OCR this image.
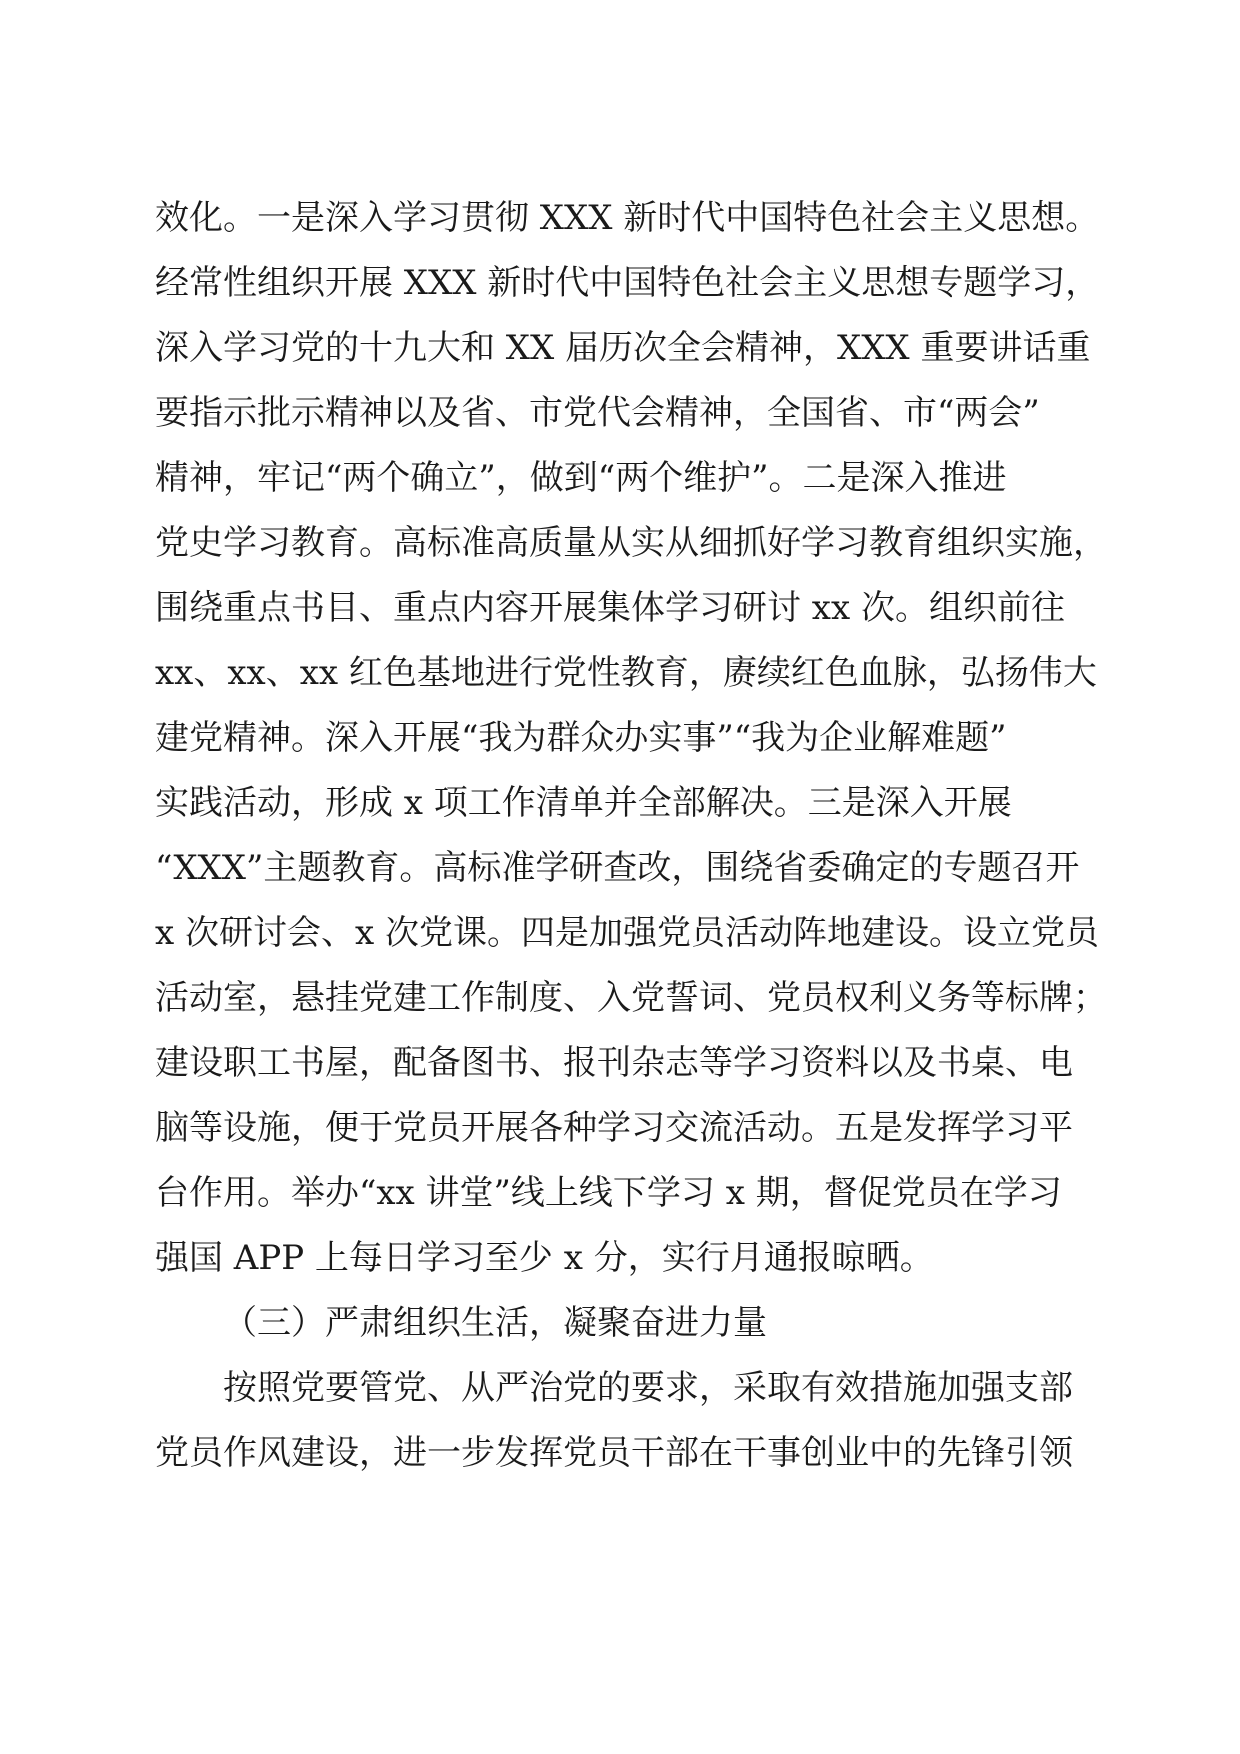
效化。一是深入学习贯彻 XXX 新时代中国特色社会主义思想。
经常性组织开展 XXX 新时代中国特色社会主义思想专题学习，
深入学习党的十九大和 XX 届历次全会精神，XXX 重要讲话重
要指示批示精神以及省、市党代会精神，全国省、市“两会”
精神，牢记“两个确立”，做到“两个维护”。二是深入推进
党史学习教育。高标准高质量从实从细抓好学习教育组织实施，
围绕重点书目、重点内容开展集体学习研讨 xx 次。组织前往
xx、xx、xx 红色基地进行党性教育，赓续红色血脉，弘扬伟大
建党精神。深入开展“我为群众办实事”“我为企业解难题”
实践活动，形成 x 项工作清单并全部解决。三是深入开展
“XXX”主题教育。高标准学研查改，围绕省委确定的专题召开
x 次研讨会、x 次党课。四是加强党员活动阵地建设。设立党员
活动室，悬挂党建工作制度、入党誓词、党员权利义务等标牌；
建设职工书屋，配备图书、报刊杂志等学习资料以及书桌、电
脑等设施，便于党员开展各种学习交流活动。五是发挥学习平
台作用。举办“xx 讲堂”线上线下学习 x 期，督促党员在学习
强国 APP 上每日学习至少 x 分，实行月通报晾晒。
（三）严肃组织生活，凝聚奋进力量
按照党要管党、从严治党的要求，采取有效措施加强支部
党员作风建设，进一步发挥党员干部在干事创业中的先锋引领
